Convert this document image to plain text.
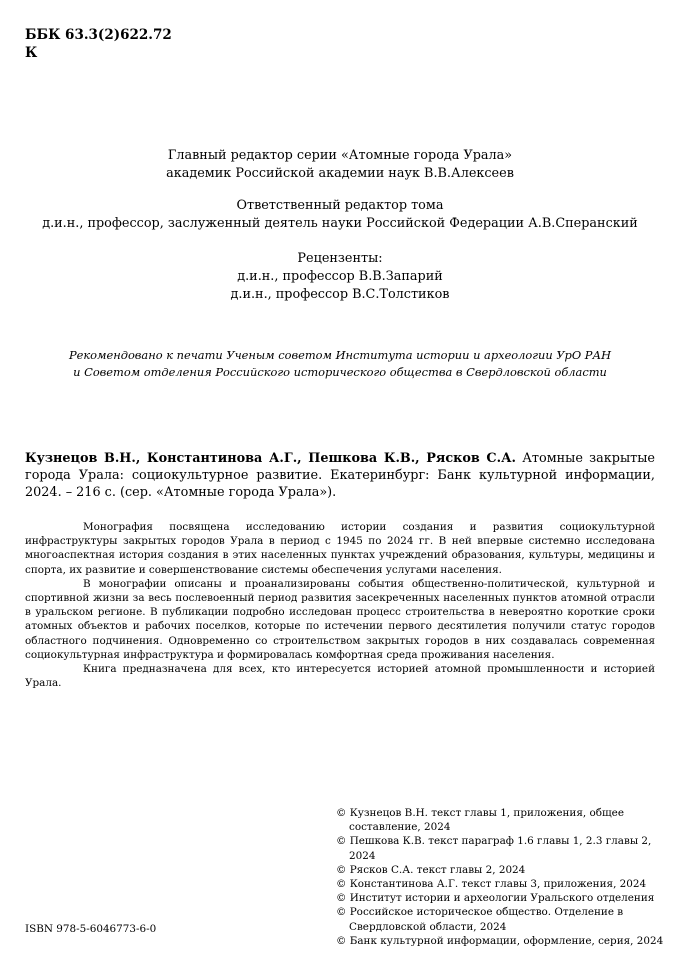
ББК 63.3(2)622.72
К
Главный редактор серии «Атомные города Урала»
академик Российской академии наук В.В.Алексеев
Ответственный редактор тома
д.и.н., профессор, заслуженный деятель науки Российской Федерации А.В.Сперанский
Рецензенты:
д.и.н., профессор В.В.Запарий
д.и.н., профессор В.С.Толстиков
Рекомендовано к печати Ученым советом Института истории и археологии УрО РАН
и Советом отделения Российского исторического общества в Свердловской области
Кузнецов В.Н., Константинова А.Г., Пешкова К.В., Рясков С.А. Атомные закрытые города Урала: социокультурное развитие. Екатеринбург: Банк культурной информации, 2024. – 216 с. (сер. «Атомные города Урала»).

Монография посвящена исследованию истории создания и развития социокультурной инфраструктуры закрытых городов Урала в период с 1945 по 2024 гг. В ней впервые системно исследована многоаспектная история создания в этих населенных пунктах учреждений образования, культуры, медицины и спорта, их развитие и совершенствование системы обеспечения услугами населения.

В монографии описаны и проанализированы события общественно-политической, культурной и спортивной жизни за весь послевоенный период развития засекреченных населенных пунктов атомной отрасли в уральском регионе. В публикации подробно исследован процесс строительства в невероятно короткие сроки атомных объектов и рабочих поселков, которые по истечении первого десятилетия получили статус городов областного подчинения. Одновременно со строительством закрытых городов в них создавалась современная социокультурная инфраструктура и формировалась комфортная среда проживания населения.

Книга предназначена для всех, кто интересуется историей атомной промышленности и историей Урала.

© Кузнецов В.Н. текст главы 1, приложения, общее составление, 2024

© Пешкова К.В. текст параграф 1.6 главы 1, 2.3 главы 2, 2024

© Рясков С.А. текст главы 2, 2024

© Константинова А.Г. текст главы 3, приложения, 2024

© Институт истории и археологии Уральского отделения

© Российское историческое общество. Отделение в Свердловской области, 2024

© Банк культурной информации, оформление, серия, 2024

ISBN 978-5-6046773-6-0
